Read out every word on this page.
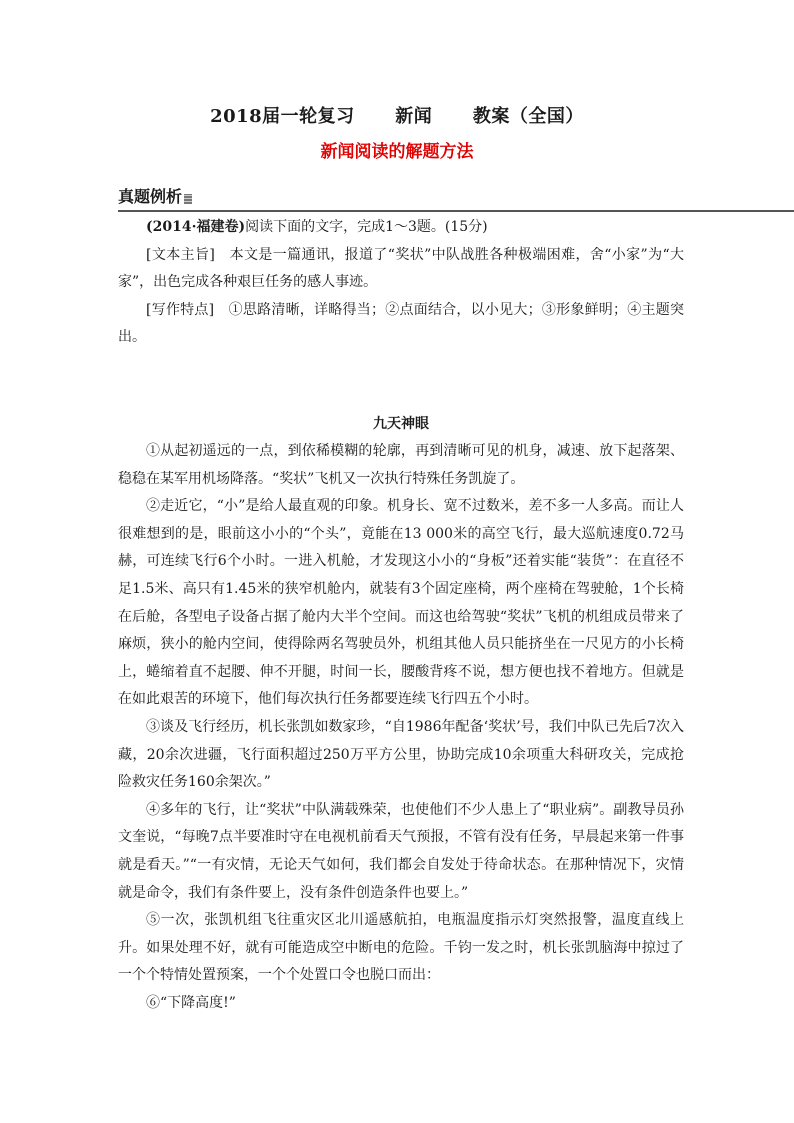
2018届一轮复习 新闻 教案（全国）
新闻阅读的解题方法
真题例析

(2014·福建卷)阅读下面的文字，完成1～3题。(15分)

[文本主旨]　 本文是一篇通讯，报道了“奖状”中队战胜各种极端困难，舍“小家”为“大家”，出色完成各种艰巨任务的感人事迹。

[写作特点]　 ①思路清晰，详略得当；②点面结合，以小见大；③形象鲜明；④主题突出。

九天神眼

①从起初遥远的一点，到依稀模糊的轮廓，再到清晰可见的机身，减速、放下起落架、稳稳在某军用机场降落。“奖状”飞机又一次执行特殊任务凯旋了。

②走近它，“小”是给人最直观的印象。机身长、宽不过数米，差不多一人多高。而让人很难想到的是，眼前这小小的“个头”，竟能在13 000米的高空飞行，最大巡航速度0.72马赫，可连续飞行6个小时。一进入机舱，才发现这小小的“身板”还着实能“装货”：在直径不足1.5米、高只有1.45米的狭窄机舱内，就装有3个固定座椅，两个座椅在驾驶舱，1个长椅在后舱，各型电子设备占据了舱内大半个空间。而这也给驾驶“奖状”飞机的机组成员带来了麻烦，狭小的舱内空间，使得除两名驾驶员外，机组其他人员只能挤坐在一尺见方的小长椅上，蜷缩着直不起腰、伸不开腿，时间一长，腰酸背疼不说，想方便也找不着地方。但就是在如此艰苦的环境下，他们每次执行任务都要连续飞行四五个小时。

③谈及飞行经历，机长张凯如数家珍，“自1986年配备‘奖状’号，我们中队已先后7次入藏，20余次进疆，飞行面积超过250万平方公里，协助完成10余项重大科研攻关，完成抢险救灾任务160余架次。”

④多年的飞行，让“奖状”中队满载殊荣，也使他们不少人患上了“职业病”。副教导员孙文奎说，“每晚7点半要准时守在电视机前看天气预报，不管有没有任务，早晨起来第一件事就是看天。”“一有灾情，无论天气如何，我们都会自发处于待命状态。在那种情况下，灾情就是命令，我们有条件要上，没有条件创造条件也要上。”

⑤一次，张凯机组飞往重灾区北川遥感航拍，电瓶温度指示灯突然报警，温度直线上升。如果处理不好，就有可能造成空中断电的危险。千钧一发之时，机长张凯脑海中掠过了一个个特情处置预案，一个个处置口令也脱口而出：

⑥“下降高度!”
